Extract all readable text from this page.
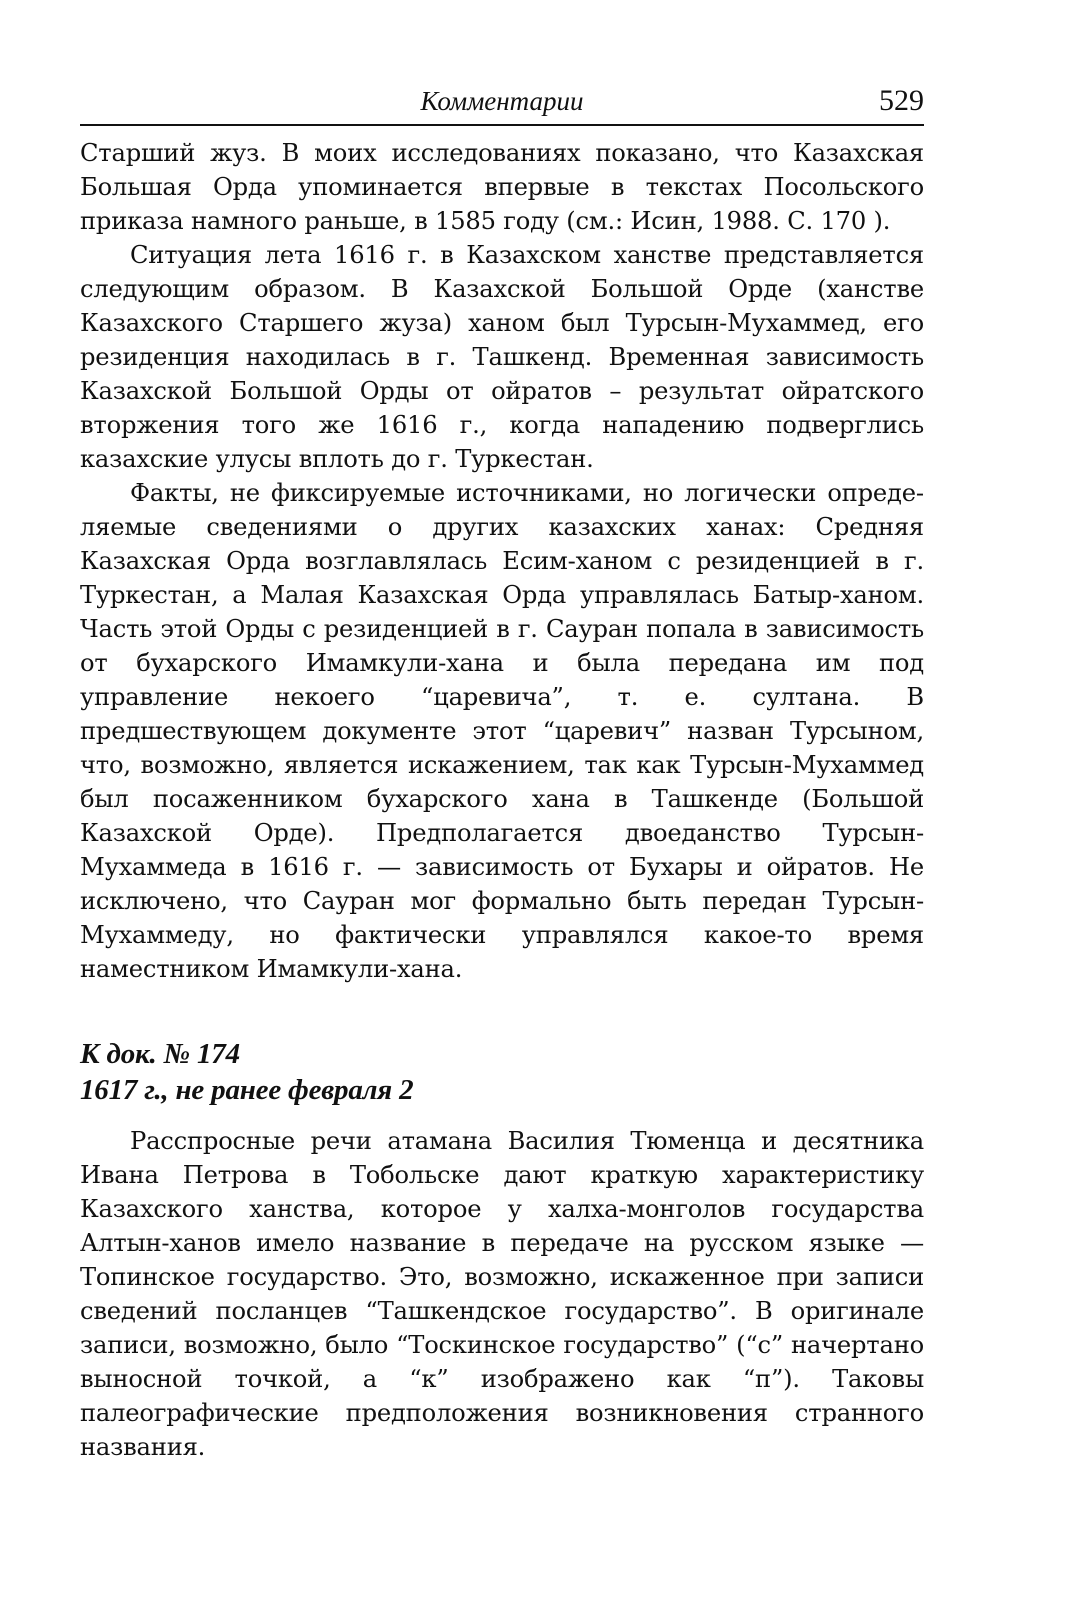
Комментарии	529

Старший жуз. В моих исследованиях показано, что Казахская Большая Орда упоминается впервые в текстах Посольского приказа намного раньше, в 1585 году (см.: Исин, 1988. С. 170 ).

Ситуация лета 1616 г. в Казахском ханстве представляется следующим образом. В Казахской Большой Орде (ханстве Казахского Старшего жуза) ханом был Турсын-Мухаммед, его резиденция находилась в г. Ташкенд. Временная зависимость Казахской Большой Орды от ойратов – результат ойратского вторжения того же 1616 г., когда нападению подверглись казахские улусы вплоть до г. Туркестан.

Факты, не фиксируемые источниками, но логически определяемые сведениями о других казахских ханах: Средняя Казахская Орда возглавлялась Есим-ханом с резиденцией в г. Туркестан, а Малая Казахская Орда управлялась Батыр-ханом. Часть этой Орды с резиденцией в г. Сауран попала в зависимость от бухарского Имамкули-хана и была передана им под управление некоего “царевича”, т. е. султана. В предшествующем документе этот “царевич” назван Турсыном, что, возможно, является искажением, так как Турсын-Мухаммед был посаженником бухарского хана в Ташкенде (Большой Казахской Орде). Предполагается двоеданство Турсын-Мухаммеда в 1616 г. — зависимость от Бухары и ойратов. Не исключено, что Сауран мог формально быть передан Турсын-Мухаммеду, но фактически управлялся какое-то время наместником Имамкули-хана.

К док. № 174
1617 г., не ранее февраля 2

Расспросные речи атамана Василия Тюменца и десятника Ивана Петрова в Тобольске дают краткую характеристику Казахского ханства, которое у халха-монголов государства Алтын-ханов имело название в передаче на русском языке — Топинское государство. Это, возможно, искаженное при записи сведений посланцев “Ташкендское государство”. В оригинале записи, возможно, было “Тоскинское государство” (“с” начертано выносной точкой, а “к” изображено как “п”). Таковы палеографические предположения возникновения странного названия.
